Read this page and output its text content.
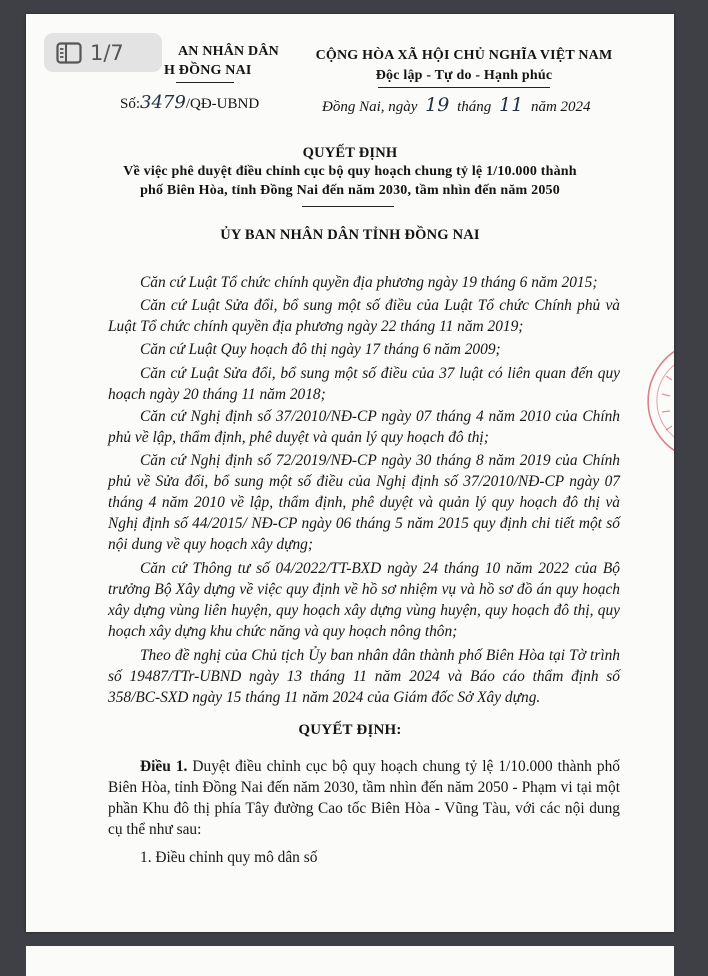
AN NHÂN DÂN
H ĐỒNG NAI
Số:3479/QĐ-UBND
CỘNG HÒA XÃ HỘI CHỦ NGHĨA VIỆT NAM
Độc lập - Tự do - Hạnh phúc
Đồng Nai, ngày 19 tháng 11 năm 2024
QUYẾT ĐỊNH
Về việc phê duyệt điều chỉnh cục bộ quy hoạch chung tỷ lệ 1/10.000 thành
phố Biên Hòa, tỉnh Đồng Nai đến năm 2030, tầm nhìn đến năm 2050
ỦY BAN NHÂN DÂN TỈNH ĐỒNG NAI
Căn cứ Luật Tổ chức chính quyền địa phương ngày 19 tháng 6 năm 2015;
Căn cứ Luật Sửa đổi, bổ sung một số điều của Luật Tổ chức Chính phủ và Luật Tổ chức chính quyền địa phương ngày 22 tháng 11 năm 2019;
Căn cứ Luật Quy hoạch đô thị ngày 17 tháng 6 năm 2009;
Căn cứ Luật Sửa đổi, bổ sung một số điều của 37 luật có liên quan đến quy hoạch ngày 20 tháng 11 năm 2018;
Căn cứ Nghị định số 37/2010/NĐ-CP ngày 07 tháng 4 năm 2010 của Chính phủ về lập, thẩm định, phê duyệt và quản lý quy hoạch đô thị;
Căn cứ Nghị định số 72/2019/NĐ-CP ngày 30 tháng 8 năm 2019 của Chính phủ về Sửa đổi, bổ sung một số điều của Nghị định số 37/2010/NĐ-CP ngày 07 tháng 4 năm 2010 về lập, thẩm định, phê duyệt và quản lý quy hoạch đô thị và Nghị định số 44/2015/ NĐ-CP ngày 06 tháng 5 năm 2015 quy định chi tiết một số nội dung về quy hoạch xây dựng;
Căn cứ Thông tư số 04/2022/TT-BXD ngày 24 tháng 10 năm 2022 của Bộ trưởng Bộ Xây dựng về việc quy định về hồ sơ nhiệm vụ và hồ sơ đồ án quy hoạch xây dựng vùng liên huyện, quy hoạch xây dựng vùng huyện, quy hoạch đô thị, quy hoạch xây dựng khu chức năng và quy hoạch nông thôn;
Theo đề nghị của Chủ tịch Ủy ban nhân dân thành phố Biên Hòa tại Tờ trình số 19487/TTr-UBND ngày 13 tháng 11 năm 2024 và Báo cáo thẩm định số 358/BC-SXD ngày 15 tháng 11 năm 2024 của Giám đốc Sở Xây dựng.
QUYẾT ĐỊNH:
Điều 1. Duyệt điều chỉnh cục bộ quy hoạch chung tỷ lệ 1/10.000 thành phố Biên Hòa, tỉnh Đồng Nai đến năm 2030, tầm nhìn đến năm 2050 - Phạm vi tại một phần Khu đô thị phía Tây đường Cao tốc Biên Hòa - Vũng Tàu, với các nội dung cụ thể như sau:
1. Điều chỉnh quy mô dân số
1/7
